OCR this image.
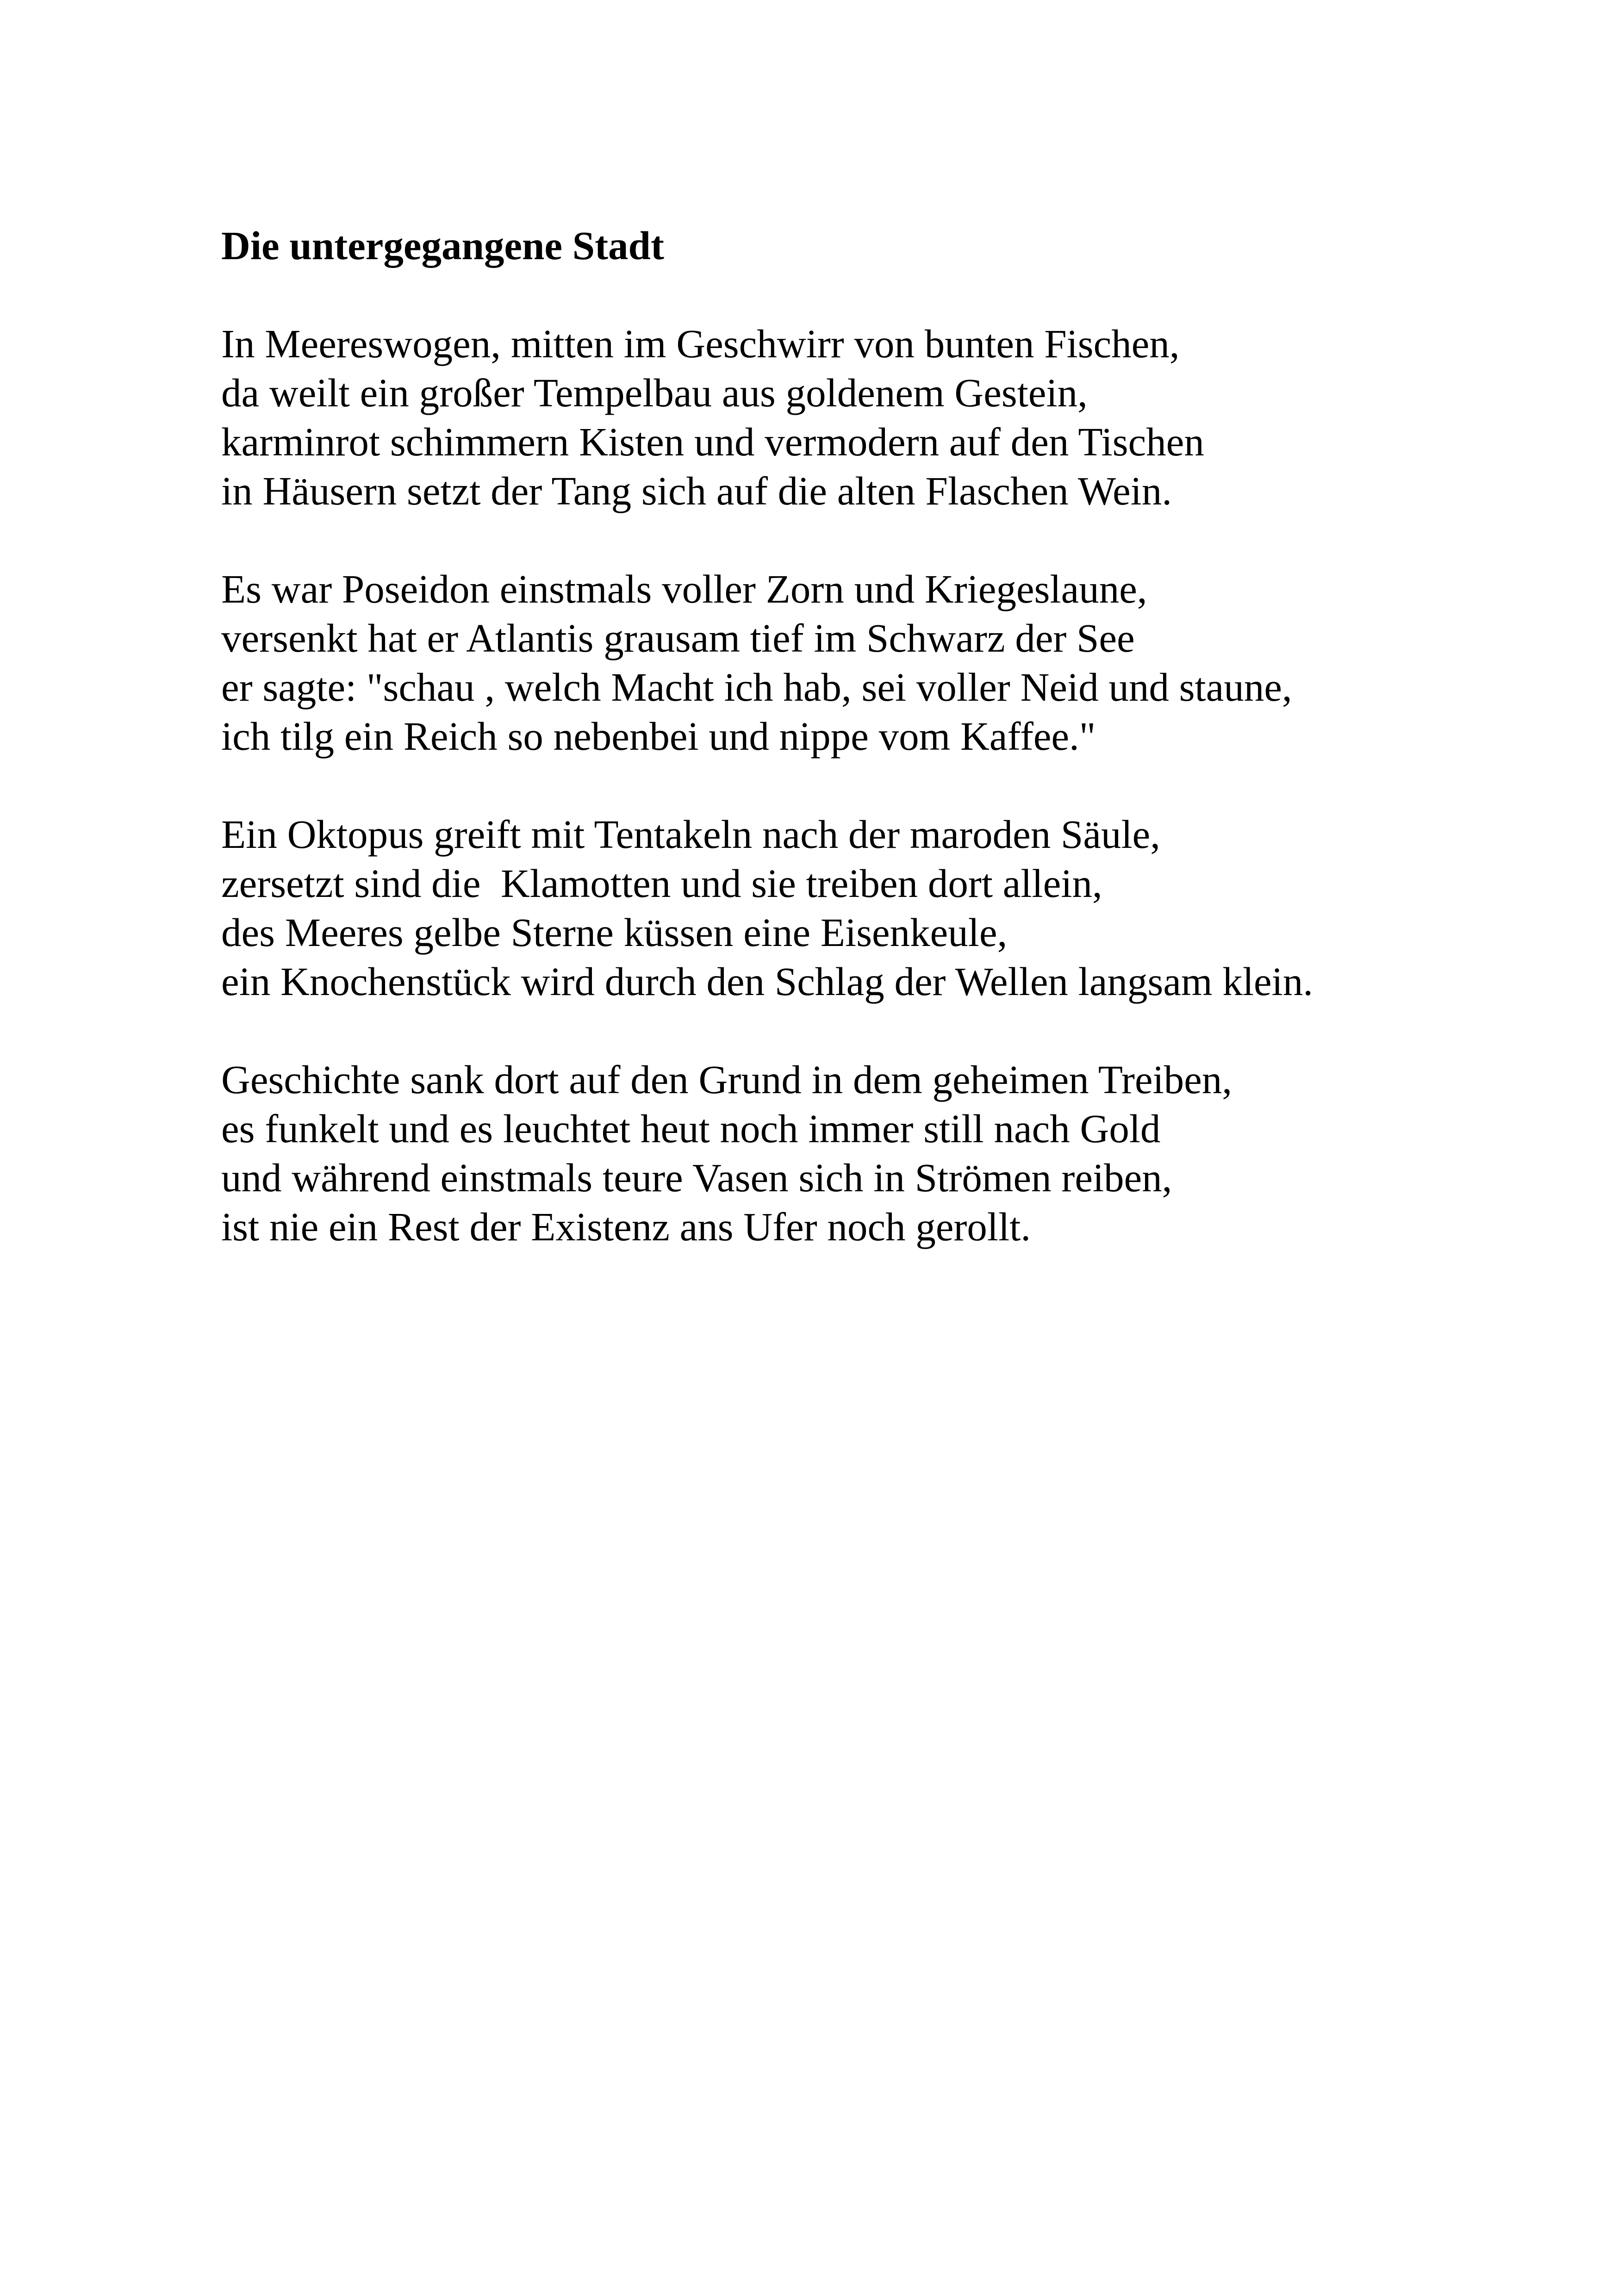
Die untergegangene Stadt
In Meereswogen, mitten im Geschwirr von bunten Fischen,
da weilt ein großer Tempelbau aus goldenem Gestein,
karminrot schimmern Kisten und vermodern auf den Tischen
in Häusern setzt der Tang sich auf die alten Flaschen Wein.
Es war Poseidon einstmals voller Zorn und Kriegeslaune,
versenkt hat er Atlantis grausam tief im Schwarz der See
er sagte: "schau , welch Macht ich hab, sei voller Neid und staune,
ich tilg ein Reich so nebenbei und nippe vom Kaffee."
Ein Oktopus greift mit Tentakeln nach der maroden Säule,
zersetzt sind die  Klamotten und sie treiben dort allein,
des Meeres gelbe Sterne küssen eine Eisenkeule,
ein Knochenstück wird durch den Schlag der Wellen langsam klein.
Geschichte sank dort auf den Grund in dem geheimen Treiben,
es funkelt und es leuchtet heut noch immer still nach Gold
und während einstmals teure Vasen sich in Strömen reiben,
ist nie ein Rest der Existenz ans Ufer noch gerollt.
